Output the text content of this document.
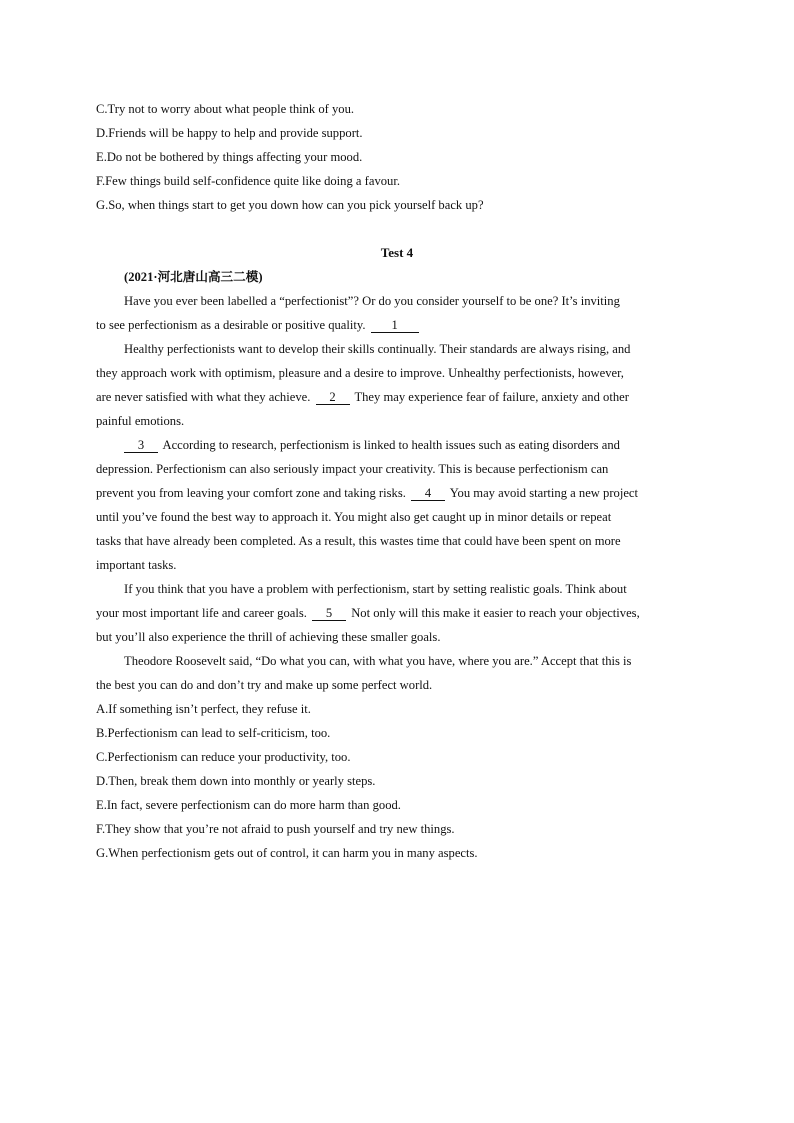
C.Try not to worry about what people think of you.
D.Friends will be happy to help and provide support.
E.Do not be bothered by things affecting your mood.
F.Few things build self-confidence quite like doing a favour.
G.So, when things start to get you down how can you pick yourself back up?
Test 4
(2021·河北唐山高三二模)
Have you ever been labelled a “perfectionist”? Or do you consider yourself to be one? It’s inviting
to see perfectionism as a desirable or positive quality. 1
Healthy perfectionists want to develop their skills continually. Their standards are always rising, and
they approach work with optimism, pleasure and a desire to improve. Unhealthy perfectionists, however,
are never satisfied with what they achieve. 2 They may experience fear of failure, anxiety and other
painful emotions.
3 According to research, perfectionism is linked to health issues such as eating disorders and
depression. Perfectionism can also seriously impact your creativity. This is because perfectionism can
prevent you from leaving your comfort zone and taking risks. 4 You may avoid starting a new project
until you’ve found the best way to approach it. You might also get caught up in minor details or repeat
tasks that have already been completed. As a result, this wastes time that could have been spent on more
important tasks.
If you think that you have a problem with perfectionism, start by setting realistic goals. Think about
your most important life and career goals. 5 Not only will this make it easier to reach your objectives,
but you’ll also experience the thrill of achieving these smaller goals.
Theodore Roosevelt said, “Do what you can, with what you have, where you are.” Accept that this is
the best you can do and don’t try and make up some perfect world.
A.If something isn’t perfect, they refuse it.
B.Perfectionism can lead to self-criticism, too.
C.Perfectionism can reduce your productivity, too.
D.Then, break them down into monthly or yearly steps.
E.In fact, severe perfectionism can do more harm than good.
F.They show that you’re not afraid to push yourself and try new things.
G.When perfectionism gets out of control, it can harm you in many aspects.
